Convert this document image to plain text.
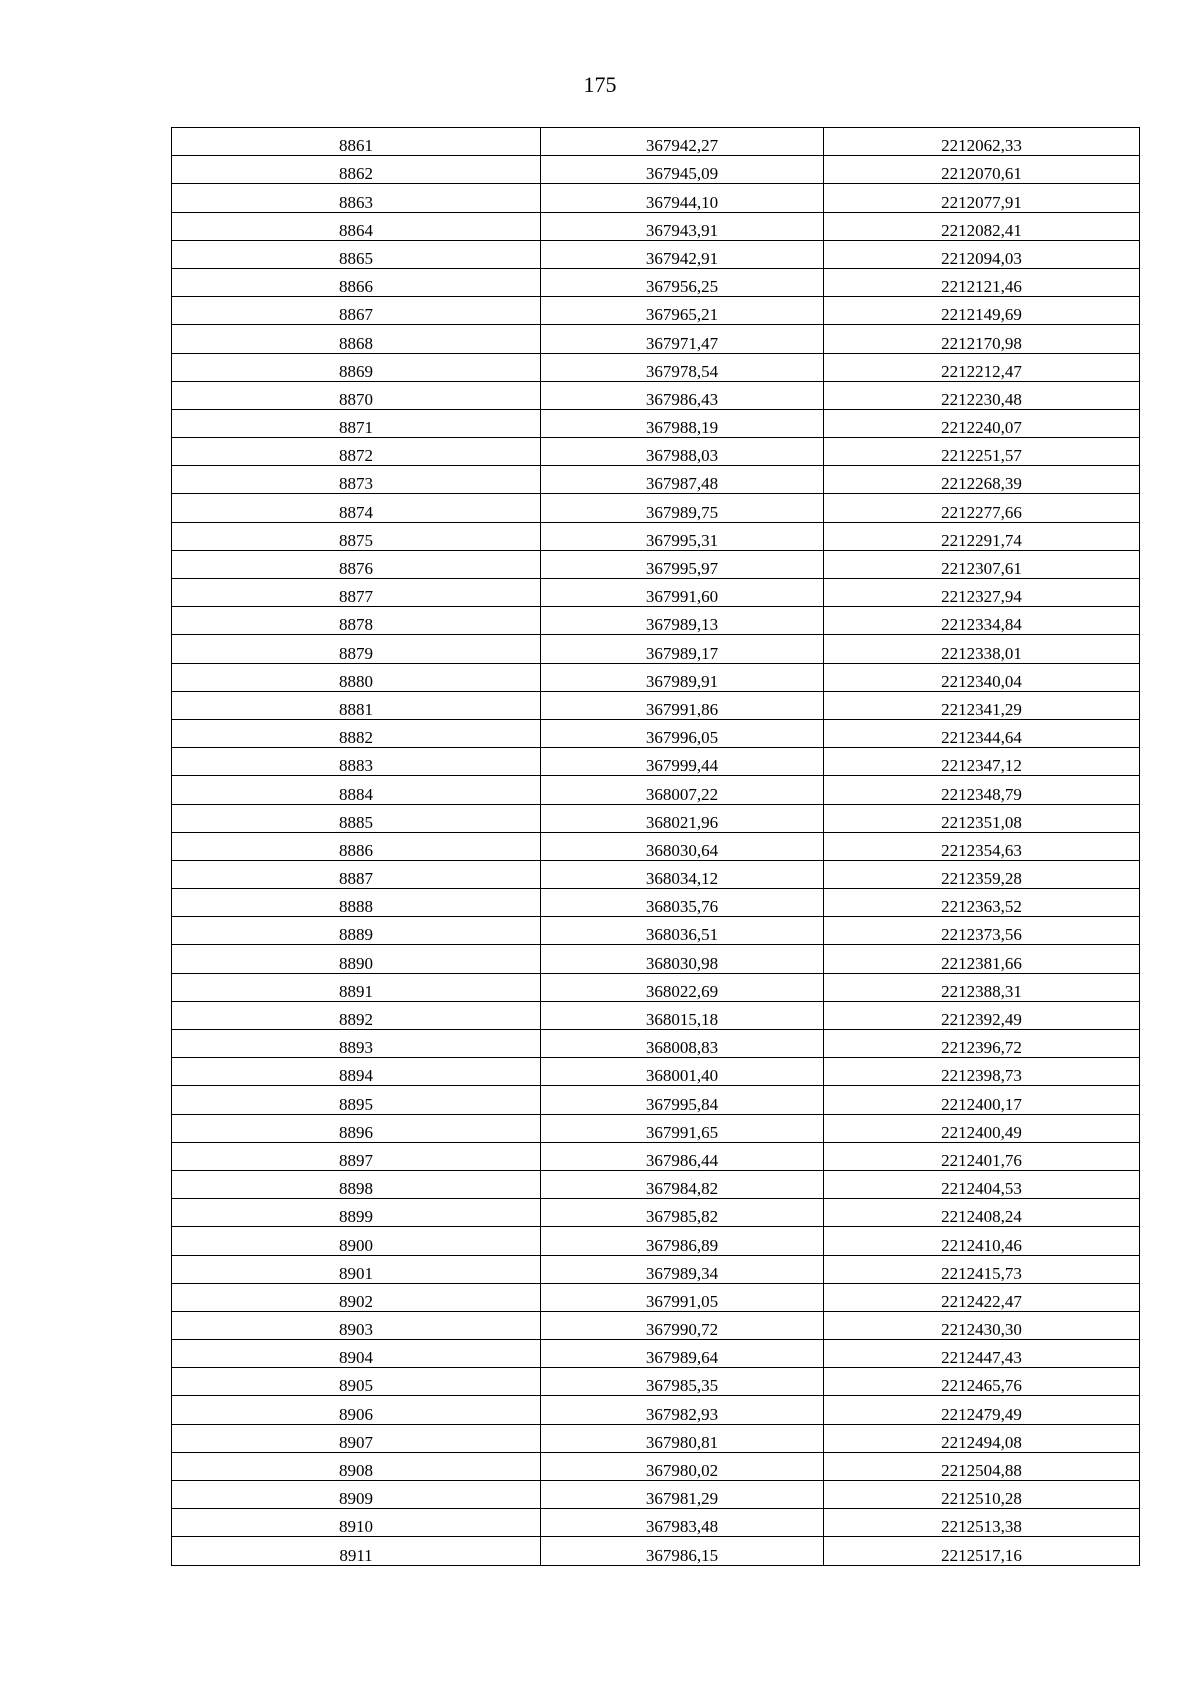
175
8861	367942,27	2212062,33
8862	367945,09	2212070,61
8863	367944,10	2212077,91
8864	367943,91	2212082,41
8865	367942,91	2212094,03
8866	367956,25	2212121,46
8867	367965,21	2212149,69
8868	367971,47	2212170,98
8869	367978,54	2212212,47
8870	367986,43	2212230,48
8871	367988,19	2212240,07
8872	367988,03	2212251,57
8873	367987,48	2212268,39
8874	367989,75	2212277,66
8875	367995,31	2212291,74
8876	367995,97	2212307,61
8877	367991,60	2212327,94
8878	367989,13	2212334,84
8879	367989,17	2212338,01
8880	367989,91	2212340,04
8881	367991,86	2212341,29
8882	367996,05	2212344,64
8883	367999,44	2212347,12
8884	368007,22	2212348,79
8885	368021,96	2212351,08
8886	368030,64	2212354,63
8887	368034,12	2212359,28
8888	368035,76	2212363,52
8889	368036,51	2212373,56
8890	368030,98	2212381,66
8891	368022,69	2212388,31
8892	368015,18	2212392,49
8893	368008,83	2212396,72
8894	368001,40	2212398,73
8895	367995,84	2212400,17
8896	367991,65	2212400,49
8897	367986,44	2212401,76
8898	367984,82	2212404,53
8899	367985,82	2212408,24
8900	367986,89	2212410,46
8901	367989,34	2212415,73
8902	367991,05	2212422,47
8903	367990,72	2212430,30
8904	367989,64	2212447,43
8905	367985,35	2212465,76
8906	367982,93	2212479,49
8907	367980,81	2212494,08
8908	367980,02	2212504,88
8909	367981,29	2212510,28
8910	367983,48	2212513,38
8911	367986,15	2212517,16
